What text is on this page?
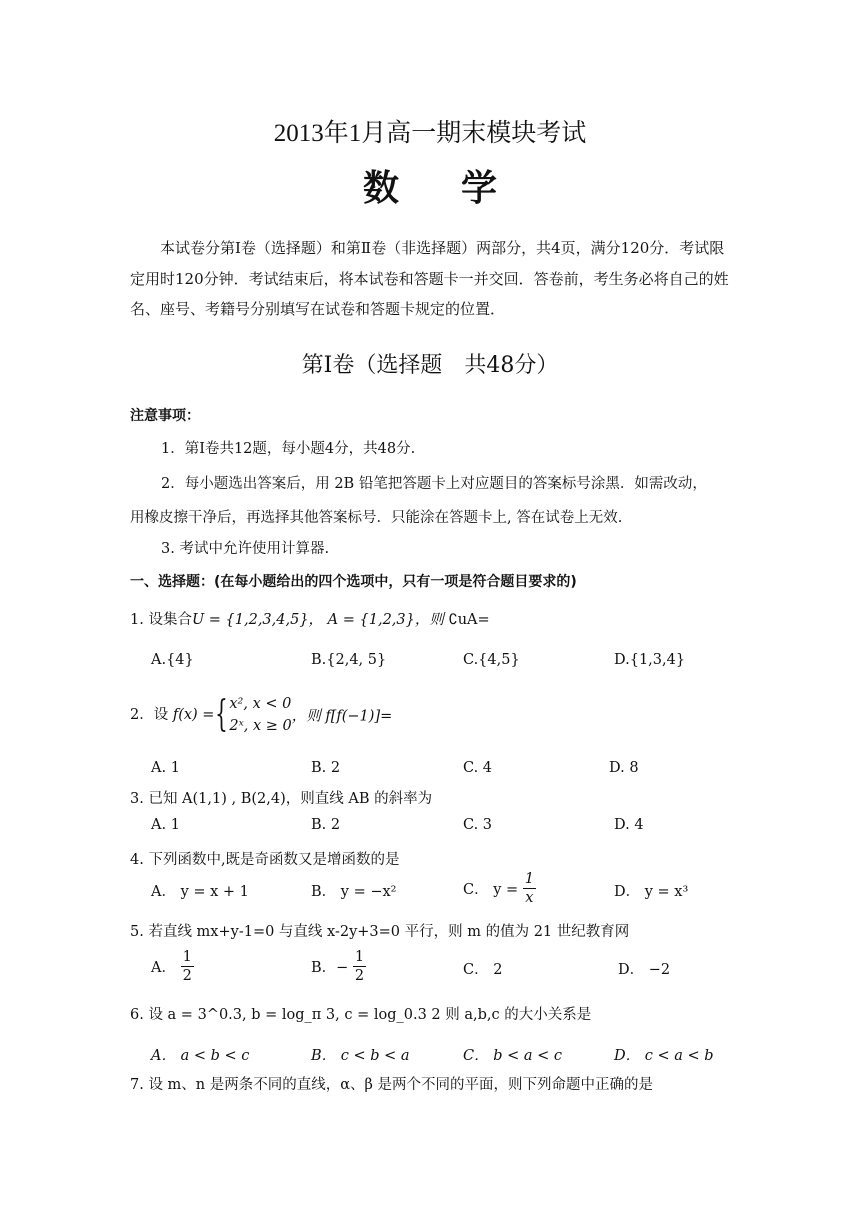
2013年1月高一期末模块考试
数学
本试卷分第Ⅰ卷（选择题）和第Ⅱ卷（非选择题）两部分，共4页，满分120分．考试限定用时120分钟．考试结束后，将本试卷和答题卡一并交回．答卷前，考生务必将自己的姓名、座号、考籍号分别填写在试卷和答题卡规定的位置．
第Ⅰ卷（选择题　共48分）
注意事项：
1．第Ⅰ卷共12题，每小题4分，共48分.
2．每小题选出答案后，用 2B 铅笔把答题卡上对应题目的答案标号涂黑．如需改动，
用橡皮擦干净后，再选择其他答案标号．只能涂在答题卡上, 答在试卷上无效.
3. 考试中允许使用计算器.
一、选择题：(在每小题给出的四个选项中，只有一项是符合题目要求的)
1. 设集合U = {1,2,3,4,5}， A = {1,2,3}，则 ∁uA=
A.{4}	B.{2,4, 5}	C.{4,5}	D.{1,3,4}
2．设 f(x) ={ x², x < 0
2ˣ, x ≥ 0
，则 f[f(−1)]=
A. 1	B. 2	C. 4	D. 8
3. 已知 A(1,1) , B(2,4)，则直线 AB 的斜率为
A. 1	B. 2	C. 3	D. 4
4. 下列函数中,既是奇函数又是增函数的是
A． y = x + 1	B． y = −x²	C． $y = \frac{1}{x}$	D． y = x³
5. 若直线 mx+y-1=0 与直线 x-2y+3=0 平行，则 m 的值为 21 世纪教育网
A． $\frac{1}{2}$	B．− $\frac{1}{2}$	C． 2	D． −2
6. 设 a = 3^0.3, b = log_π 3, c = log_0.3 2 则 a,b,c 的大小关系是
A． a < b < c	B． c < b < a	C． b < a < c	D． c < a < b
7. 设 m、n 是两条不同的直线，α、β 是两个不同的平面，则下列命题中正确的是
